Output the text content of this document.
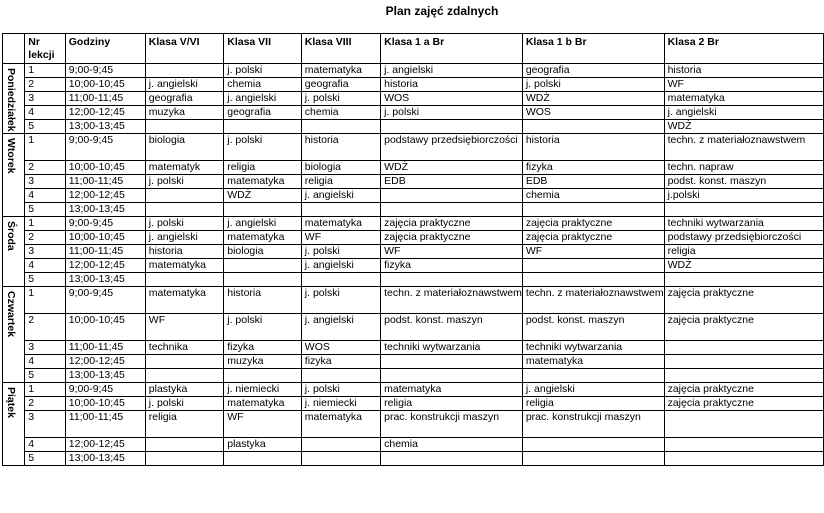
Plan zajęć zdalnych
	Nr lekcji	Godziny	Klasa V/VI	Klasa VII	Klasa VIII	Klasa 1 a Br	Klasa 1 b Br	Klasa 2 Br

Poniedziałek	1	9;00-9;45		j. polski	matematyka	j. angielski	geografia	historia
	2	10;00-10;45	j. angielski	chemia	geografia	historia	j. polski	WF
	3	11;00-11;45	geografia	j. angielski	j. polski	WOS	WDŻ	matematyka
	4	12;00-12;45	muzyka	geografia	chemia	j. polski	WOS	j. angielski
	5	13;00-13;45						WDŻ

Wtorek	1	9;00-9;45	biologia	j. polski	historia	podstawy przedsiębiorczości	historia	techn. z materiałoznawstwem
	2	10;00-10;45	matematyk	religia	biologia	WDŻ	fizyka	techn. napraw
	3	11;00-11;45	j. polski	matematyka	religia	EDB	EDB	podst. konst. maszyn
	4	12;00-12;45		WDŻ	j. angielski		chemia	j.polski
	5	13;00-13;45						

Środa	1	9;00-9;45	j. polski	j. angielski	matematyka	zajęcia praktyczne	zajęcia praktyczne	techniki wytwarzania
	2	10;00-10;45	j. angielski	matematyka	WF	zajęcia praktyczne	zajęcia praktyczne	podstawy przedsiębiorczości
	3	11;00-11;45	historia	biologia	j. polski	WF	WF	religia
	4	12;00-12;45	matematyka		j. angielski	fizyka		WDŻ
	5	13;00-13;45						

Czwartek	1	9;00-9;45	matematyka	historia	j. polski	techn. z materiałoznawstwem	techn. z materiałoznawstwem	zajęcia praktyczne
	2	10;00-10;45	WF	j. polski	j. angielski	podst. konst. maszyn	podst. konst. maszyn	zajęcia praktyczne
	3	11;00-11;45	technika	fizyka	WOS	techniki wytwarzania	techniki wytwarzania	
	4	12;00-12;45		muzyka	fizyka		matematyka	
	5	13;00-13;45						

Piątek	1	9;00-9;45	plastyka	j. niemiecki	j. polski	matematyka	j. angielski	zajęcia praktyczne
	2	10;00-10;45	j. polski	matematyka	j. niemiecki	religia	religia	zajęcia praktyczne
	3	11;00-11;45	religia	WF	matematyka	prac. konstrukcji maszyn	prac. konstrukcji maszyn	
	4	12;00-12;45		plastyka		chemia		
	5	13;00-13;45						
